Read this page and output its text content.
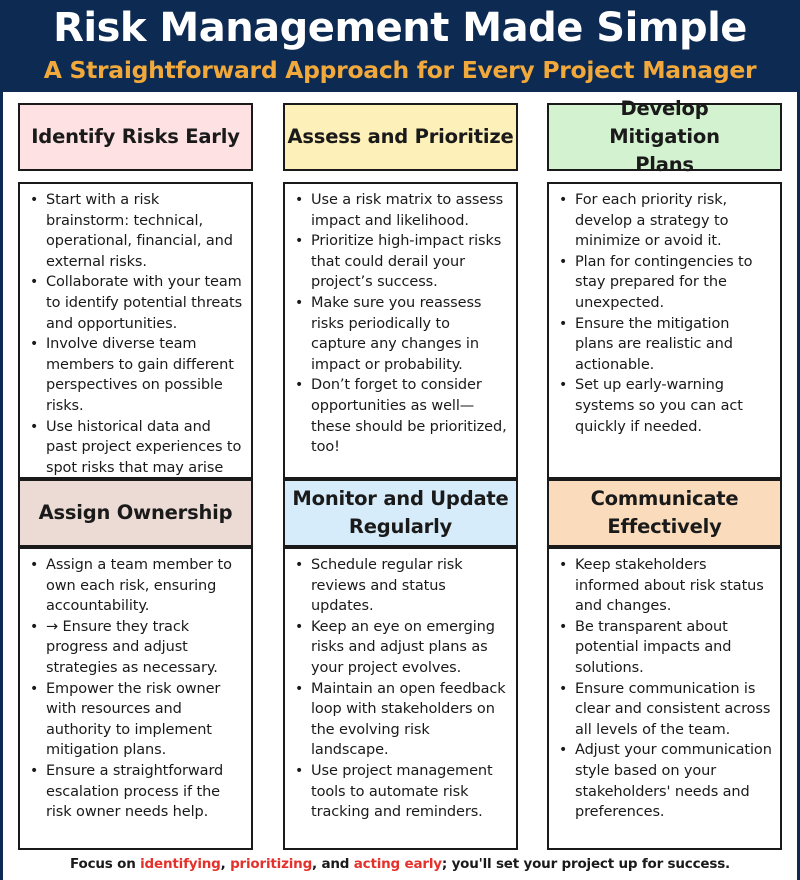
Risk Management Made Simple
A Straightforward Approach for Every Project Manager
Identify Risks Early
• Start with a risk brainstorm: technical, operational, financial, and external risks.
• Collaborate with your team to identify potential threats and opportunities.
• Involve diverse team members to gain different perspectives on possible risks.
• Use historical data and past project experiences to spot risks that may arise
Assess and Prioritize
• Use a risk matrix to assess impact and likelihood.
• Prioritize high-impact risks that could derail your project’s success.
• Make sure you reassess risks periodically to capture any changes in impact or probability.
• Don’t forget to consider opportunities as well—these should be prioritized, too!
Develop Mitigation Plans
• For each priority risk, develop a strategy to minimize or avoid it.
• Plan for contingencies to stay prepared for the unexpected.
• Ensure the mitigation plans are realistic and actionable.
• Set up early-warning systems so you can act quickly if needed.
Assign Ownership
• Assign a team member to own each risk, ensuring accountability.
• → Ensure they track progress and adjust strategies as necessary.
• Empower the risk owner with resources and authority to implement mitigation plans.
• Ensure a straightforward escalation process if the risk owner needs help.
Monitor and Update Regularly
• Schedule regular risk reviews and status updates.
• Keep an eye on emerging risks and adjust plans as your project evolves.
• Maintain an open feedback loop with stakeholders on the evolving risk landscape.
• Use project management tools to automate risk tracking and reminders.
Communicate Effectively
• Keep stakeholders informed about risk status and changes.
• Be transparent about potential impacts and solutions.
• Ensure communication is clear and consistent across all levels of the team.
• Adjust your communication style based on your stakeholders' needs and preferences.
Focus on identifying, prioritizing, and acting early; you'll set your project up for success.
